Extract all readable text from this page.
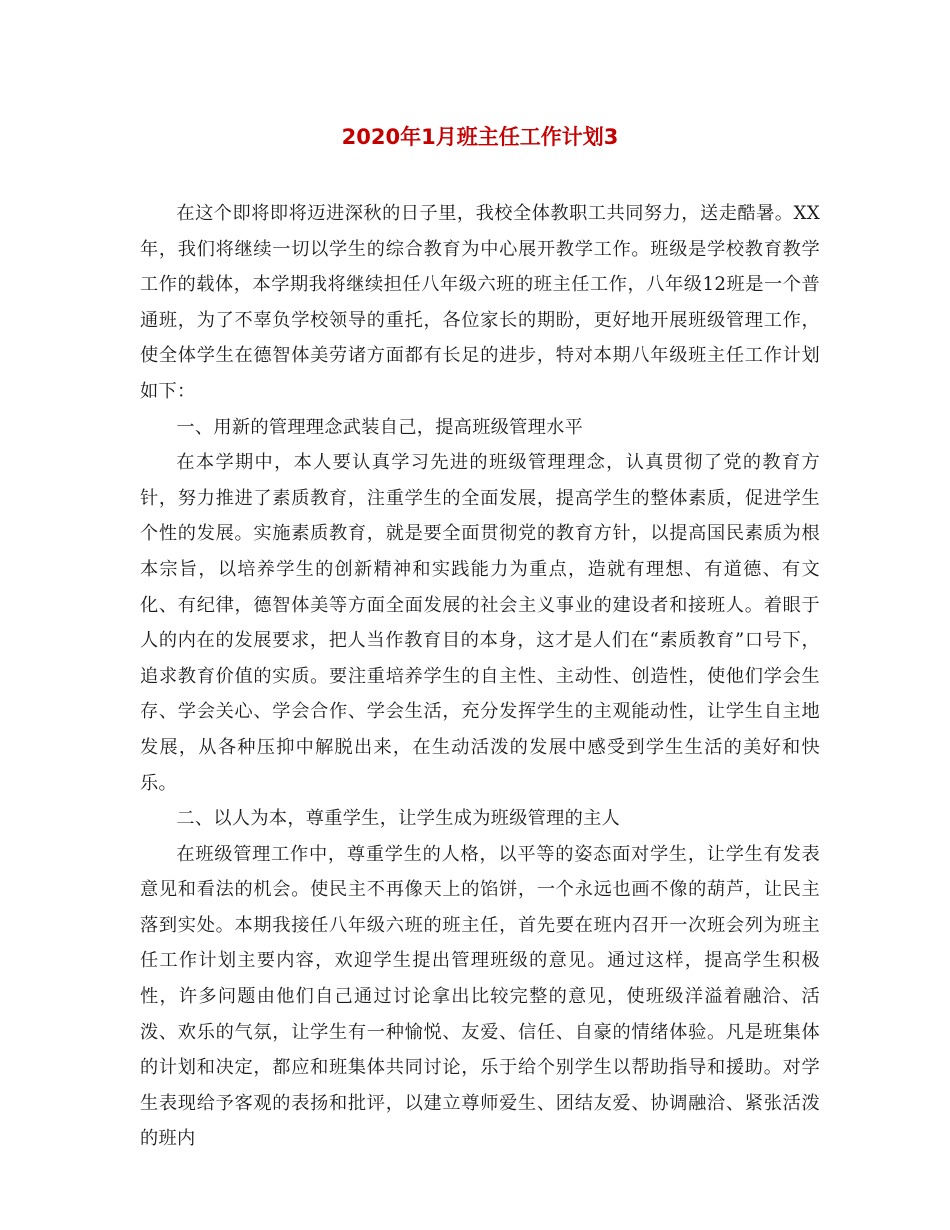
2020年1月班主任工作计划3

在这个即将即将迈进深秋的日子里，我校全体教职工共同努力，送走酷暑。XX年，我们将继续一切以学生的综合教育为中心展开教学工作。班级是学校教育教学工作的载体，本学期我将继续担任八年级六班的班主任工作，八年级12班是一个普通班，为了不辜负学校领导的重托，各位家长的期盼，更好地开展班级管理工作，使全体学生在德智体美劳诸方面都有长足的进步，特对本期八年级班主任工作计划如下：

一、用新的管理理念武装自己，提高班级管理水平

在本学期中，本人要认真学习先进的班级管理理念，认真贯彻了党的教育方针，努力推进了素质教育，注重学生的全面发展，提高学生的整体素质，促进学生个性的发展。实施素质教育，就是要全面贯彻党的教育方针，以提高国民素质为根本宗旨，以培养学生的创新精神和实践能力为重点，造就有理想、有道德、有文化、有纪律，德智体美等方面全面发展的社会主义事业的建设者和接班人。着眼于人的内在的发展要求，把人当作教育目的本身，这才是人们在“素质教育”口号下，追求教育价值的实质。要注重培养学生的自主性、主动性、创造性，使他们学会生存、学会关心、学会合作、学会生活，充分发挥学生的主观能动性，让学生自主地发展，从各种压抑中解脱出来，在生动活泼的发展中感受到学生生活的美好和快乐。

二、以人为本，尊重学生，让学生成为班级管理的主人

在班级管理工作中，尊重学生的人格，以平等的姿态面对学生，让学生有发表意见和看法的机会。使民主不再像天上的馅饼，一个永远也画不像的葫芦，让民主落到实处。本期我接任八年级六班的班主任，首先要在班内召开一次班会列为班主任工作计划主要内容，欢迎学生提出管理班级的意见。通过这样，提高学生积极性，许多问题由他们自己通过讨论拿出比较完整的意见，使班级洋溢着融洽、活泼、欢乐的气氛，让学生有一种愉悦、友爱、信任、自豪的情绪体验。凡是班集体的计划和决定，都应和班集体共同讨论，乐于给个别学生以帮助指导和援助。对学生表现给予客观的表扬和批评，以建立尊师爱生、团结友爱、协调融洽、紧张活泼的班内
